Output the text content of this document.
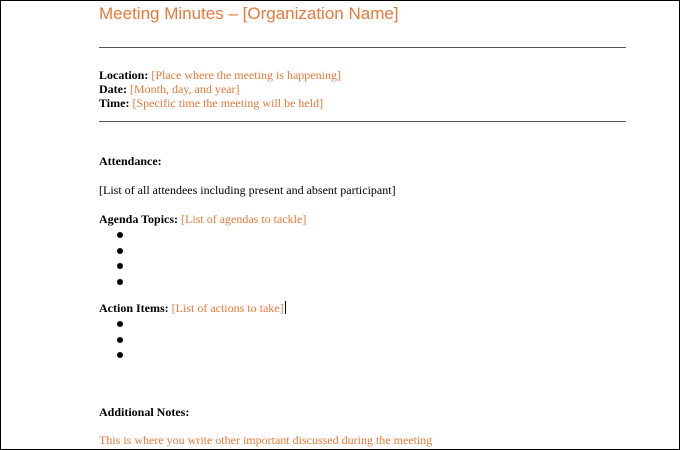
Meeting Minutes – [Organization Name]
Location: [Place where the meeting is happening]
Date: [Month, day, and year]
Time: [Specific time the meeting will be held]
Attendance:
[List of all attendees including present and absent participant]
Agenda Topics: [List of agendas to tackle]
Action Items: [List of actions to take]
Additional Notes:
This is where you write other important discussed during the meeting
